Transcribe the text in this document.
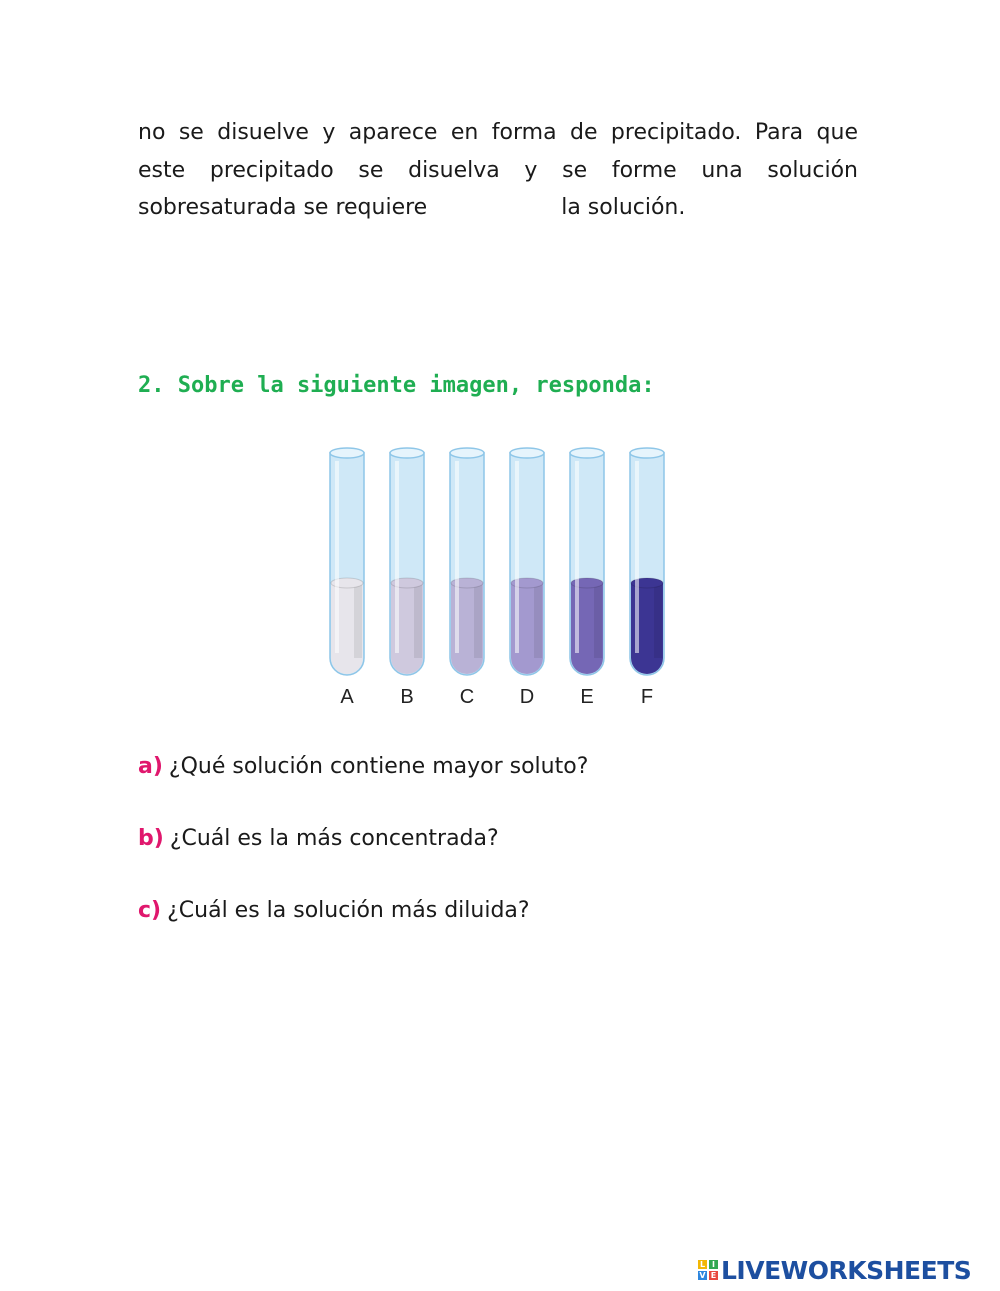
no se disuelve y aparece en forma de precipitado. Para que
este precipitado se disuelva y se forme una solución
sobresaturada se requiere	la solución.
2. Sobre la siguiente imagen, responda:
A B C D E F
a) ¿Qué solución contiene mayor soluto?
b) ¿Cuál es la más concentrada?
c) ¿Cuál es la solución más diluida?
L I
V E LIVEWORKSHEETS
